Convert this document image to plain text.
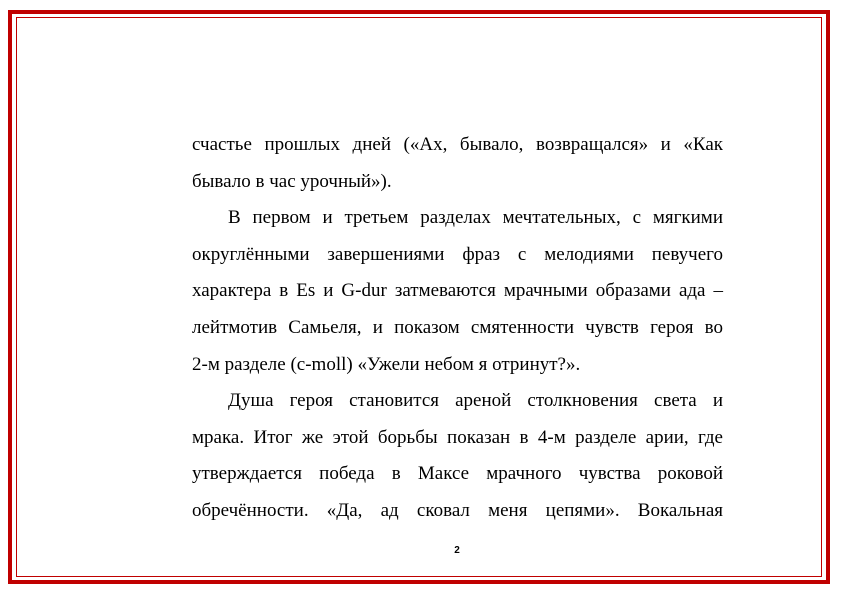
счастье прошлых дней («Ах, бывало, возвращался» и «Как
бывало в час урочный»).
В первом и третьем разделах мечтательных, с мягкими
округлёнными завершениями фраз с мелодиями певучего
характера в Es и G-dur затмеваются мрачными образами ада –
лейтмотив Самьеля, и показом смятенности чувств героя во
2-м разделе (c-moll) «Ужели небом я отринут?».
Душа героя становится ареной столкновения света и
мрака. Итог же этой борьбы показан в 4-м разделе арии, где
утверждается победа в Максе мрачного чувства роковой
обречённости. «Да, ад сковал меня цепями». Вокальная
2
